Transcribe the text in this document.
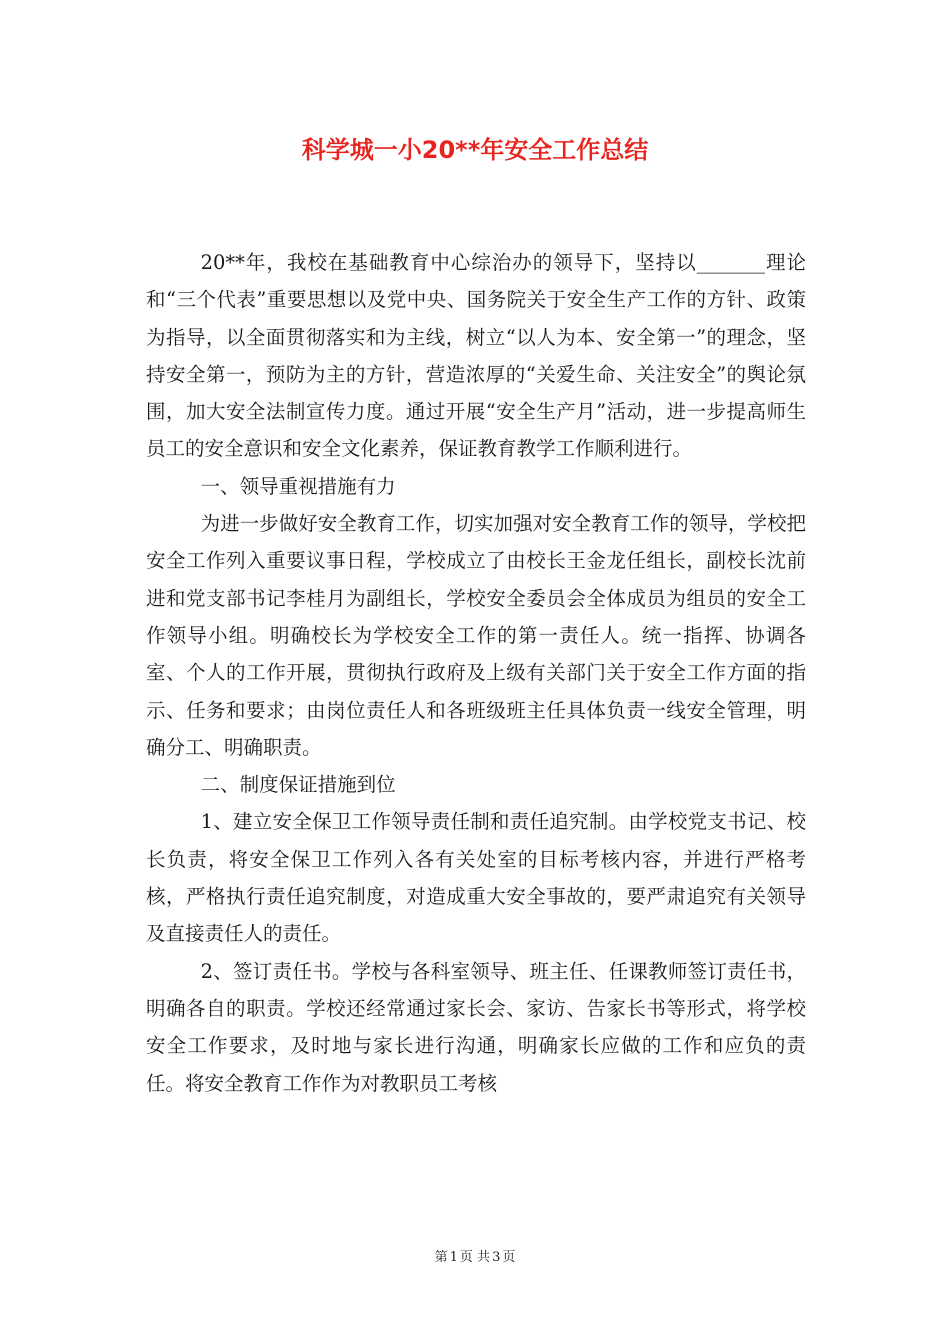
科学城一小20**年安全工作总结

20**年，我校在基础教育中心综治办的领导下，坚持以_______理论和“三个代表”重要思想以及党中央、国务院关于安全生产工作的方针、政策为指导，以全面贯彻落实和为主线，树立“以人为本、安全第一”的理念，坚持安全第一，预防为主的方针，营造浓厚的“关爱生命、关注安全”的舆论氛围，加大安全法制宣传力度。通过开展“安全生产月”活动，进一步提高师生员工的安全意识和安全文化素养，保证教育教学工作顺利进行。

一、领导重视措施有力

为进一步做好安全教育工作，切实加强对安全教育工作的领导，学校把安全工作列入重要议事日程，学校成立了由校长王金龙任组长，副校长沈前进和党支部书记李桂月为副组长，学校安全委员会全体成员为组员的安全工作领导小组。明确校长为学校安全工作的第一责任人。统一指挥、协调各室、个人的工作开展，贯彻执行政府及上级有关部门关于安全工作方面的指示、任务和要求；由岗位责任人和各班级班主任具体负责一线安全管理，明确分工、明确职责。

二、制度保证措施到位

1、建立安全保卫工作领导责任制和责任追究制。由学校党支书记、校长负责，将安全保卫工作列入各有关处室的目标考核内容，并进行严格考核，严格执行责任追究制度，对造成重大安全事故的，要严肃追究有关领导及直接责任人的责任。

2、签订责任书。学校与各科室领导、班主任、任课教师签订责任书，明确各自的职责。学校还经常通过家长会、家访、告家长书等形式，将学校安全工作要求，及时地与家长进行沟通，明确家长应做的工作和应负的责任。将安全教育工作作为对教职员工考核

第 1 页 共 3 页
